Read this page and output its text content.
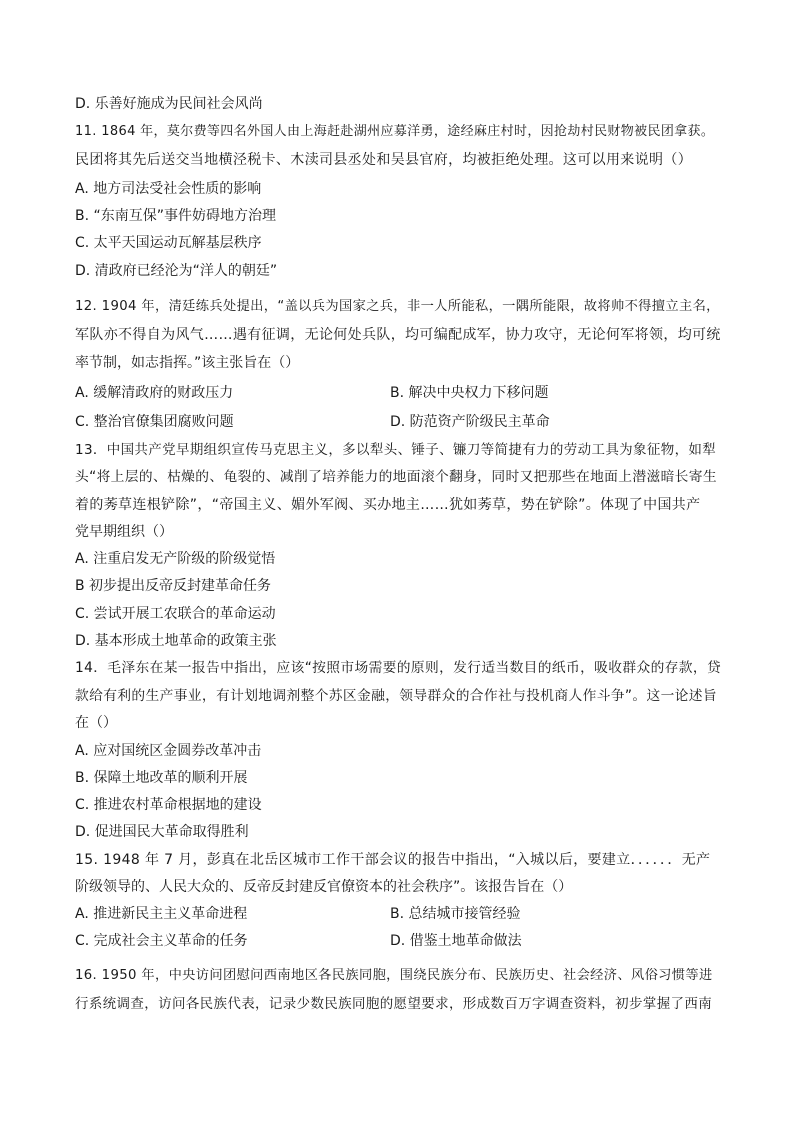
D. 乐善好施成为民间社会风尚
11. 1864 年，莫尔费等四名外国人由上海赶赴湖州应募洋勇，途经麻庄村时，因抢劫村民财物被民团拿获。
民团将其先后送交当地横泾税卡、木渎司县丞处和吴县官府，均被拒绝处理。这可以用来说明（）
A. 地方司法受社会性质的影响
B. “东南互保”事件妨碍地方治理
C. 太平天国运动瓦解基层秩序
D. 清政府已经沦为“洋人的朝廷”
12. 1904 年，清廷练兵处提出，“盖以兵为国家之兵，非一人所能私，一隅所能限，故将帅不得擅立主名，
军队亦不得自为风气……遇有征调，无论何处兵队，均可编配成军，协力攻守，无论何军将领，均可统
率节制，如志指挥。”该主张旨在（）
A. 缓解清政府的财政压力	B. 解决中央权力下移问题
C. 整治官僚集团腐败问题	D. 防范资产阶级民主革命
13．中国共产党早期组织宣传马克思主义，多以犁头、锤子、镰刀等简捷有力的劳动工具为象征物，如犁
头“将上层的、枯燥的、龟裂的、减削了培养能力的地面滚个翻身，同时又把那些在地面上潜滋暗长寄生
着的莠草连根铲除”，“帝国主义、媚外军阀、买办地主……犹如莠草，势在铲除”。体现了中国共产
党早期组织（）
A. 注重启发无产阶级的阶级觉悟
B 初步提出反帝反封建革命任务
C. 尝试开展工农联合的革命运动
D. 基本形成土地革命的政策主张
14．毛泽东在某一报告中指出，应该“按照市场需要的原则，发行适当数目的纸币，吸收群众的存款，贷
款给有利的生产事业，有计划地调剂整个苏区金融，领导群众的合作社与投机商人作斗争”。这一论述旨
在（）
A. 应对国统区金圆券改革冲击
B. 保障土地改革的顺利开展
C. 推进农村革命根据地的建设
D. 促进国民大革命取得胜利
15. 1948 年 7 月，彭真在北岳区城市工作干部会议的报告中指出，“入城以后，要建立．．．．．．无产
阶级领导的、人民大众的、反帝反封建反官僚资本的社会秩序”。该报告旨在（）
A. 推进新民主主义革命进程	B. 总结城市接管经验
C. 完成社会主义革命的任务	D. 借鉴土地革命做法
16. 1950 年，中央访问团慰问西南地区各民族同胞，围绕民族分布、民族历史、社会经济、风俗习惯等进
行系统调查，访问各民族代表，记录少数民族同胞的愿望要求，形成数百万字调查资料，初步掌握了西南
